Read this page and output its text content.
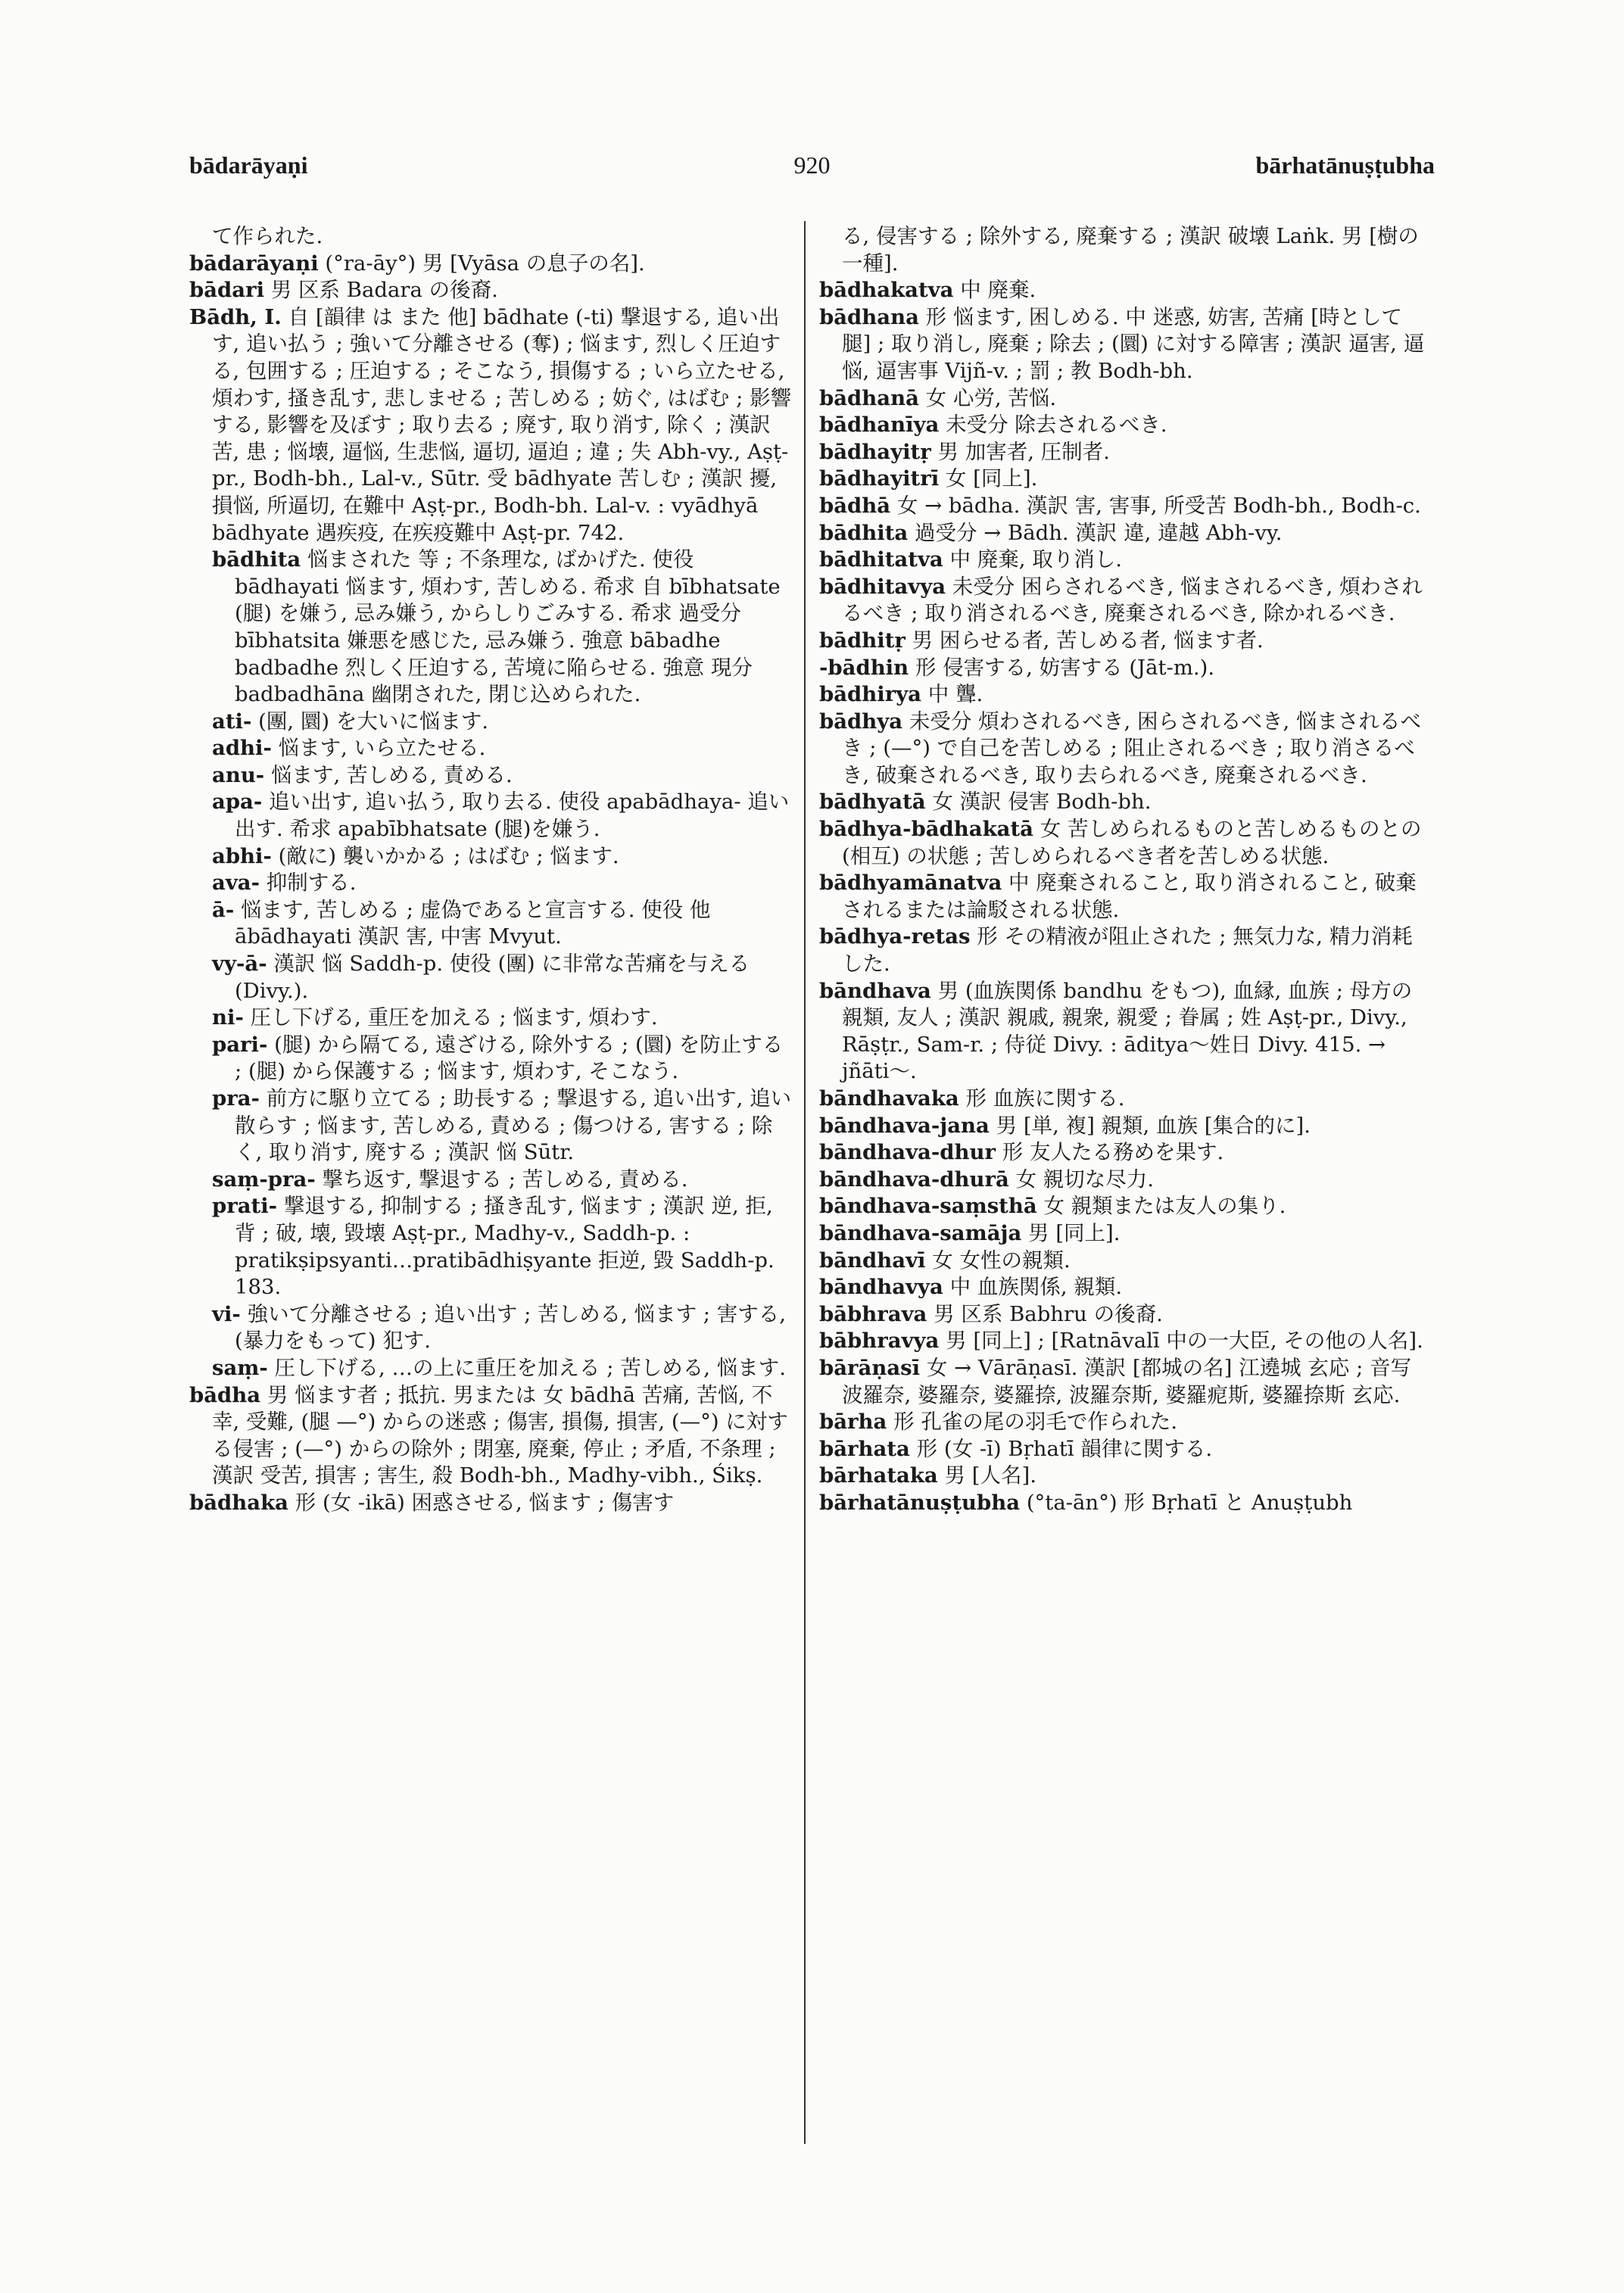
bādarāyaṇi	920	bārhatānuṣṭubha

て作られた.

bādarāyaṇi (°ra-āy°) 男 [Vyāsa の息子の名].

bādari 男 区系 Badara の後裔.

Bādh, I. 自 [韻律 は また 他] bādhate (-ti) 撃退する, 追い出す, 追い払う ; 強いて分離させる (奪) ; 悩ます, 烈しく圧迫する, 包囲する ; 圧迫する ; そこなう, 損傷する ; いら立たせる, 煩わす, 搔き乱す, 悲しませる ; 苦しめる ; 妨ぐ, はばむ ; 影響する, 影響を及ぼす ; 取り去る ; 廃す, 取り消す, 除く ; 漢訳 苦, 患 ; 悩壊, 逼悩, 生悲悩, 逼切, 逼迫 ; 違 ; 失 Abh-vy., Aṣṭ-pr., Bodh-bh., Lal-v., Sūtr. 受 bādhyate 苦しむ ; 漢訳 擾, 損悩, 所逼切, 在難中 Aṣṭ-pr., Bodh-bh. Lal-v. : vyādhyā bādhyate 遇疾疫, 在疾疫難中 Aṣṭ-pr. 742.

bādhita 悩まされた 等 ; 不条理な, ばかげた. 使役 bādhayati 悩ます, 煩わす, 苦しめる. 希求 自 bībhatsate (腿) を嫌う, 忌み嫌う, からしりごみする. 希求 過受分 bībhatsita 嫌悪を感じた, 忌み嫌う. 強意 bābadhe badbadhe 烈しく圧迫する, 苦境に陥らせる. 強意 現分 badbadhāna 幽閉された, 閉じ込められた.

ati- (團, 圜) を大いに悩ます.

adhi- 悩ます, いら立たせる.

anu- 悩ます, 苦しめる, 責める.

apa- 追い出す, 追い払う, 取り去る. 使役 apabādhaya- 追い出す. 希求 apabībhatsate (腿)を嫌う.

abhi- (敵に) 襲いかかる ; はばむ ; 悩ます.

ava- 抑制する.

ā- 悩ます, 苦しめる ; 虚偽であると宣言する. 使役 他 ābādhayati 漢訳 害, 中害 Mvyut.

vy-ā- 漢訳 悩 Saddh-p. 使役 (團) に非常な苦痛を与える (Divy.).

ni- 圧し下げる, 重圧を加える ; 悩ます, 煩わす.

pari- (腿) から隔てる, 遠ざける, 除外する ; (圜) を防止する ; (腿) から保護する ; 悩ます, 煩わす, そこなう.

pra- 前方に駆り立てる ; 助長する ; 撃退する, 追い出す, 追い散らす ; 悩ます, 苦しめる, 責める ; 傷つける, 害する ; 除く, 取り消す, 廃する ; 漢訳 悩 Sūtr.

saṃ-pra- 撃ち返す, 撃退する ; 苦しめる, 責める.

prati- 撃退する, 抑制する ; 搔き乱す, 悩ます ; 漢訳 逆, 拒, 背 ; 破, 壊, 毀壊 Aṣṭ-pr., Madhy-v., Saddh-p. : pratikṣipsyanti…pratibādhiṣyante 拒逆, 毀 Saddh-p. 183.

vi- 強いて分離させる ; 追い出す ; 苦しめる, 悩ます ; 害する, (暴力をもって) 犯す.

saṃ- 圧し下げる, …の上に重圧を加える ; 苦しめる, 悩ます.

bādha 男 悩ます者 ; 抵抗. 男または 女 bādhā 苦痛, 苦悩, 不幸, 受難, (腿 —°) からの迷惑 ; 傷害, 損傷, 損害, (—°) に対する侵害 ; (—°) からの除外 ; 閉塞, 廃棄, 停止 ; 矛盾, 不条理 ; 漢訳 受苦, 損害 ; 害生, 殺 Bodh-bh., Madhy-vibh., Śikṣ.

bādhaka 形 (女 -ikā) 困惑させる, 悩ます ; 傷害す

る, 侵害する ; 除外する, 廃棄する ; 漢訳 破壊 Laṅk. 男 [樹の一種].

bādhakatva 中 廃棄.

bādhana 形 悩ます, 困しめる. 中 迷惑, 妨害, 苦痛 [時として 腿] ; 取り消し, 廃棄 ; 除去 ; (圜) に対する障害 ; 漢訳 逼害, 逼悩, 逼害事 Vijñ-v. ; 罰 ; 教 Bodh-bh.

bādhanā 女 心労, 苦悩.

bādhanīya 未受分 除去されるべき.

bādhayitṛ 男 加害者, 圧制者.

bādhayitrī 女 [同上].

bādhā 女 → bādha. 漢訳 害, 害事, 所受苦 Bodh-bh., Bodh-c.

bādhita 過受分 → Bādh. 漢訳 違, 違越 Abh-vy.

bādhitatva 中 廃棄, 取り消し.

bādhitavya 未受分 困らされるべき, 悩まされるべき, 煩わされるべき ; 取り消されるべき, 廃棄されるべき, 除かれるべき.

bādhitṛ 男 困らせる者, 苦しめる者, 悩ます者.

-bādhin 形 侵害する, 妨害する (Jāt-m.).

bādhirya 中 聾.

bādhya 未受分 煩わされるべき, 困らされるべき, 悩まされるべき ; (—°) で自己を苦しめる ; 阻止されるべき ; 取り消さるべき, 破棄されるべき, 取り去られるべき, 廃棄されるべき.

bādhyatā 女 漢訳 侵害 Bodh-bh.

bādhya-bādhakatā 女 苦しめられるものと苦しめるものとの(相互) の状態 ; 苦しめられるべき者を苦しめる状態.

bādhyamānatva 中 廃棄されること, 取り消されること, 破棄されるまたは論駁される状態.

bādhya-retas 形 その精液が阻止された ; 無気力な, 精力消耗した.

bāndhava 男 (血族関係 bandhu をもつ), 血縁, 血族 ; 母方の親類, 友人 ; 漢訳 親戚, 親衆, 親愛 ; 眷属 ; 姓 Aṣṭ-pr., Divy., Rāṣṭr., Sam-r. ; 侍従 Divy. : āditya〜姓日 Divy. 415. → jñāti〜.

bāndhavaka 形 血族に関する.

bāndhava-jana 男 [単, 複] 親類, 血族 [集合的に].

bāndhava-dhur 形 友人たる務めを果す.

bāndhava-dhurā 女 親切な尽力.

bāndhava-saṃsthā 女 親類または友人の集り.

bāndhava-samāja 男 [同上].

bāndhavī 女 女性の親類.

bāndhavya 中 血族関係, 親類.

bābhrava 男 区系 Babhru の後裔.

bābhravya 男 [同上] ; [Ratnāvalī 中の一大臣, その他の人名].

bārāṇasī 女 → Vārāṇasī. 漢訳 [都城の名] 江遶城 玄応 ; 音写 波羅奈, 婆羅奈, 婆羅捺, 波羅奈斯, 婆羅痆斯, 婆羅捺斯 玄応.

bārha 形 孔雀の尾の羽毛で作られた.

bārhata 形 (女 -ī) Bṛhatī 韻律に関する.

bārhataka 男 [人名].

bārhatānuṣṭubha (°ta-ān°) 形 Bṛhatī と Anuṣṭubh
